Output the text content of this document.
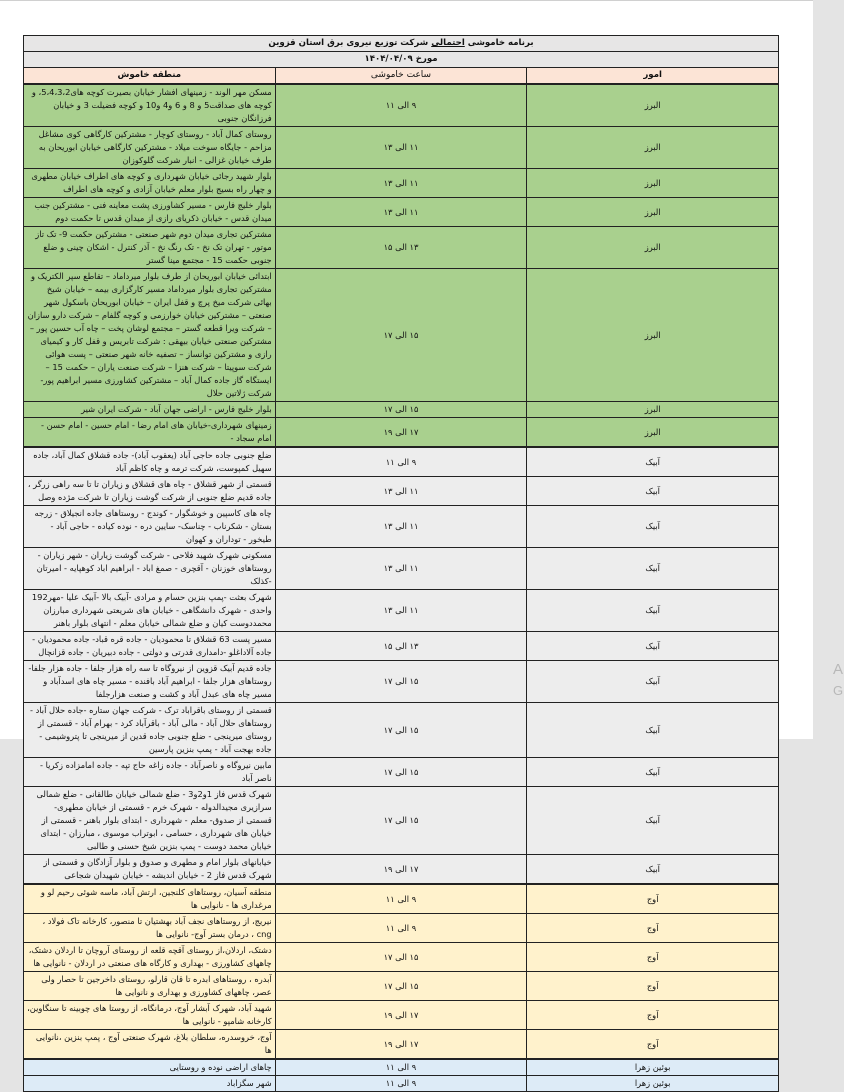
برنامه خاموشی احتمالی شرکت توزیع نیروی برق استان قزوین		
مورخ ۱۴۰۴/۰۴/۰۹		
امور	ساعت خاموشی	منطقه خاموش
البرز	۹ الی ۱۱	مسکن مهر الوند - زمینهای افشار خیابان بصیرت کوچه های5،4،3،2، و کوچه های صداقت5 و 8 و 6 و4 و10 و کوچه فضیلت 3 و خیابان فرزانگان جنوبی
البرز	۱۱ الی ۱۳	روستای کمال آباد - روستای کوچار - مشترکین کارگاهی کوی مشاغل مزاحم - جایگاه سوخت میلاد - مشترکین کارگاهی خیابان ابوریحان به طرف خیابان غزالی - انبار شرکت گلوکوزان
البرز	۱۱ الی ۱۳	بلوار شهید رجائی خیابان شهرداری و کوچه های اطراف خیابان مطهری و چهار راه بسیج بلوار معلم خیابان آزادی و کوچه های اطراف
البرز	۱۱ الی ۱۳	بلوار خلیج فارس - مسیر کشاورزی پشت معاینه فنی - مشترکین جنب میدان قدس - خیابان ذکریای رازی از میدان قدس تا حکمت دوم
البرز	۱۳ الی ۱۵	مشترکین تجاری میدان دوم شهر صنعتی - مشترکین حکمت 9- تک تاز موتور - تهران تک نخ - تک رنگ نخ - آذر کنترل - اشکان چینی و ضلع جنوبی حکمت 15 - مجتمع مینا گستر
البرز	۱۵ الی ۱۷	ابتدائی خیابان ابوریحان از طرف بلوار میرداماد – تقاطع سپر الکتریک و مشترکین تجاری بلوار میرداماد مسیر کارگزاری بیمه – خیابان شیخ بهائی شرکت میخ پرچ و قفل ایران – خیابان ابوریحان باسکول شهر صنعتی – مشترکین خیابان خوارزمی و کوچه گلفام – شرکت دارو سازان – شرکت ویرا قطعه گستر – مجتمع لوشان پخت – چاه آب حسین پور – مشترکین صنعتی خیابان بیهقی : شرکت تابریس و قفل کار و کیمیای رازی و مشترکین توانساز – تصفیه خانه شهر صنعتی – پست هوائی شرکت سوپیتا – شرکت هنزا – شرکت صنعت یاران – حکمت 15 – ایستگاه گاز جاده کمال آباد – مشترکین کشاورزی مسیر ابراهیم پور- شرکت ژلاتین حلال
البرز	۱۵ الی ۱۷	بلوار خلیج فارس - اراضی جهان آباد - شرکت ایران شیر
البرز	۱۷ الی ۱۹	زمینهای شهرداری-خیابان های امام رضا - امام حسین - امام حسن - امام سجاد -
آبیک	۹ الی ۱۱	ضلع جنوبی جاده حاجی آباد (یعقوب آباد)- جاده قشلاق کمال آباد، جاده سهیل کمپوست، شرکت ترمه و چاه کاظم آباد
آبیک	۱۱ الی ۱۳	قسمتی از شهر قشلاق - چاه های قشلاق و زیاران تا تا سه راهی زرگر ، جاده قدیم ضلع جنوبی از شرکت گوشت زیاران تا شرکت مژده وصل
آبیک	۱۱ الی ۱۳	چاه های کاسپین و خوشگوار - کوندج - روستاهای جاده انجیلاق - زرجه بستان - شکرناب - چناسک- سایین دره - نوده کیاده - حاجی آباد - طیخور - توداران و کهوان
آبیک	۱۱ الی ۱۳	مسکونی شهرک شهید فلاحی - شرکت گوشت زیاران - شهر زیاران - روستاهای خوزنان - آقچری - صمغ اباد - ابراهیم اباد کوهپایه - امیرتان -کذلک
آبیک	۱۱ الی ۱۳	شهرک بعثت -پمپ بنزین حسام و مرادی -آبیک بالا -آبیک علیا -مهر192 واحدی - شهرک دانشگاهی - خیابان های شریعتی شهرداری مبارزان محمددوست کیان و ضلع شمالی خیابان معلم - انتهای بلوار باهنر
آبیک	۱۳ الی ۱۵	مسیر پست 63 قشلاق تا محمودیان - جاده قره قباد- جاده محمودیان - جاده آلاداغلو -دامداری قدرتی و دولتی - جاده دبیریان - جاده قزانچال
آبیک	۱۵ الی ۱۷	جاده قدیم آبیک قزوین از نیروگاه تا سه راه هزار جلفا - جاده هزار جلفا- روستاهای هزار جلفا - ابراهیم آباد بافنده - مسیر چاه های اسدآباد و مسیر چاه های عبدل آباد و کشت و صنعت هزارجلفا
آبیک	۱۵ الی ۱۷	قسمتی از روستای باقراباد ترک - شرکت جهان ستاره -جاده حلال آباد - روستاهای حلال آباد - مالی آباد - باقرآباد کرد - بهرام آباد - قسمتی از روستای میرینجی - ضلع جنوبی جاده قدین از میرینجی تا پتروشیمی - جاده بهجت آباد - پمپ بنزین پارسین
آبیک	۱۵ الی ۱۷	مابین نیروگاه و ناصرآباد - جاده زاغه حاج تپه - جاده امامزاده زکریا - ناصر آباد
آبیک	۱۵ الی ۱۷	شهرک قدس فاز 1و2و3 - ضلع شمالی خیابان طالقانی - ضلع شمالی سرازیری مجیدالدوله - شهرک خرم - قسمتی از خیابان مطهری- قسمتی از صدوق- معلم - شهرداری - ابتدای بلوار باهنر - قسمتی از خیابان های شهرداری ، حسامی ، ابوتراب موسوی ، مبارزان - ابتدای خیابان محمد دوست - پمپ بنزین شیخ حسنی و طالبی
آبیک	۱۷ الی ۱۹	خیابانهای بلوار امام و مطهری و صدوق و بلوار آزادگان و قسمتی از شهرک قدس فاز 2 - خیابان اندیشه - خیابان شهیدان شجاعی
آوج	۹ الی ۱۱	منطقه آسیان، روستاهای کلنجین، ارتش آباد، ماسه شوئی رحیم لو و مرغداری ها - نانوایی ها
آوج	۹ الی ۱۱	نیریج، از روستاهای نجف آباد بهشتیان تا منصور، کارخانه تاک فولاد ، cng ، درمان بستر آوج- نانوایی ها
آوج	۱۵ الی ۱۷	دشتک، اردلان،از روستای آقچه قلعه از روستای آروچان تا اردلان دشتک، چاههای کشاورزی - بهداری و کارگاه های صنعتی در اردلان - نانوایی ها
آوج	۱۵ الی ۱۷	آبدره ، روستاهای ابدره تا قان قارلو، روستای داخرجین تا حصار ولی عصر، چاههای کشاورزی و بهداری و نانوایی ها
آوج	۱۷ الی ۱۹	شهید آباد، شهرک آبشار آوج، درمانگاه، از روستا های چوبینه تا سنگاوین، کارخانه شامپو - نانوایی ها
آوج	۱۷ الی ۱۹	آوج، خروسدره، سلطان بلاغ، شهرک صنعتی آوج ، پمپ بنزین ،نانوایی ها
بوئین زهرا	۹ الی ۱۱	چاهای اراضی نوده و روستایی
بوئین زهرا	۹ الی ۱۱	شهر سگزاباد
A
G
